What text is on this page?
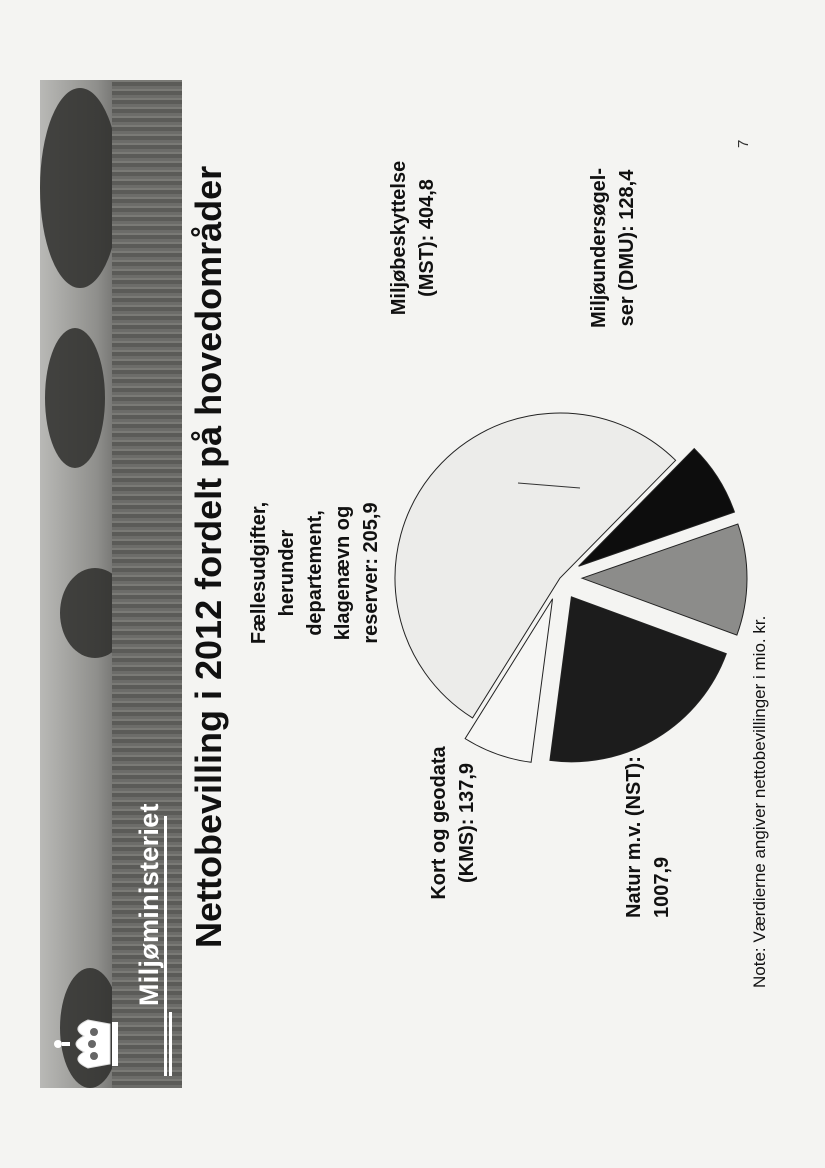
Miljøministeriet Nettobevilling i 2012 fordelt på hovedområder	Natur m.v. (NST): 1007,9
Kort og geodata (KMS): 137,9
Fællesudgifter, herunder departement, klagenævn og reserver: 205,9
Miljøbeskyttelse (MST): 404,8	Miljøundersøgel- ser (DMU): 128,4
Note: Værdierne angiver nettobevillinger i mio. kr.
7
